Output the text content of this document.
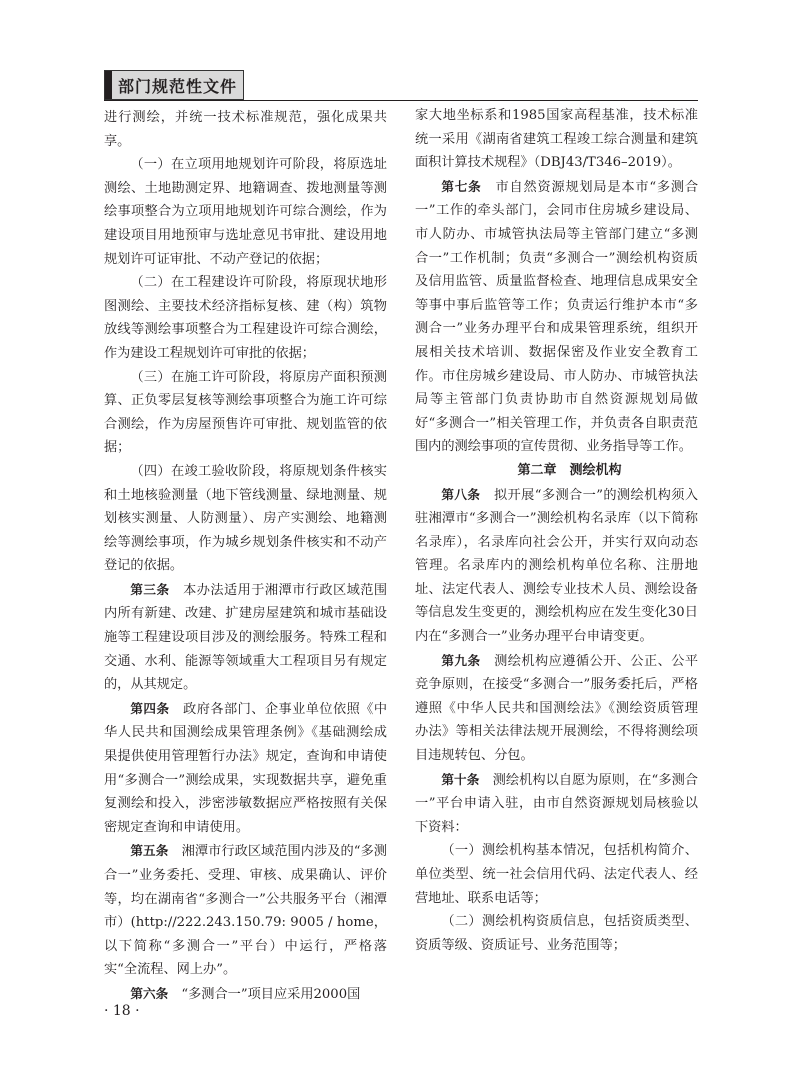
部门规范性文件

进行测绘，并统一技术标准规范，强化成果共享。

（一）在立项用地规划许可阶段，将原选址测绘、土地勘测定界、地籍调查、拨地测量等测绘事项整合为立项用地规划许可综合测绘，作为建设项目用地预审与选址意见书审批、建设用地规划许可证审批、不动产登记的依据；

（二）在工程建设许可阶段，将原现状地形图测绘、主要技术经济指标复核、建（构）筑物放线等测绘事项整合为工程建设许可综合测绘，作为建设工程规划许可审批的依据；

（三）在施工许可阶段，将原房产面积预测算、正负零层复核等测绘事项整合为施工许可综合测绘，作为房屋预售许可审批、规划监管的依据；

（四）在竣工验收阶段，将原规划条件核实和土地核验测量（地下管线测量、绿地测量、规划核实测量、人防测量）、房产实测绘、地籍测绘等测绘事项，作为城乡规划条件核实和不动产登记的依据。

第三条　 本办法适用于湘潭市行政区域范围内所有新建、改建、扩建房屋建筑和城市基础设施等工程建设项目涉及的测绘服务。特殊工程和交通、水利、能源等领域重大工程项目另有规定的，从其规定。

第四条　 政府各部门、企事业单位依照《中华人民共和国测绘成果管理条例》《基础测绘成果提供使用管理暂行办法》规定，查询和申请使用“多测合一”测绘成果，实现数据共享，避免重复测绘和投入，涉密涉敏数据应严格按照有关保密规定查询和申请使用。

第五条　 湘潭市行政区域范围内涉及的“多测合一”业务委托、受理、审核、成果确认、评价等，均在湖南省“多测合一”公共服务平台（湘潭市）(http://222.243.150.79: 9005 / home，以下简称“多测合一”平台）中运行，严格落实“全流程、网上办”。

第六条　 “多测合一”项目应采用2000国

家大地坐标系和1985国家高程基准，技术标准统一采用《湖南省建筑工程竣工综合测量和建筑面积计算技术规程》（DBJ43/T346–2019）。

第七条　 市自然资源规划局是本市“多测合一”工作的牵头部门，会同市住房城乡建设局、市人防办、市城管执法局等主管部门建立“多测合一”工作机制；负责“多测合一”测绘机构资质及信用监管、质量监督检查、地理信息成果安全等事中事后监管等工作；负责运行维护本市“多测合一”业务办理平台和成果管理系统，组织开展相关技术培训、数据保密及作业安全教育工作。市住房城乡建设局、市人防办、市城管执法局等主管部门负责协助市自然资源规划局做好“多测合一”相关管理工作，并负责各自职责范围内的测绘事项的宣传贯彻、业务指导等工作。

第二章　测绘机构

第八条　 拟开展“多测合一”的测绘机构须入驻湘潭市“多测合一”测绘机构名录库（以下简称名录库），名录库向社会公开，并实行双向动态管理。名录库内的测绘机构单位名称、注册地址、法定代表人、测绘专业技术人员、测绘设备等信息发生变更的，测绘机构应在发生变化30日内在“多测合一”业务办理平台申请变更。

第九条　 测绘机构应遵循公开、公正、公平竞争原则，在接受“多测合一”服务委托后，严格遵照《中华人民共和国测绘法》《测绘资质管理办法》等相关法律法规开展测绘，不得将测绘项目违规转包、分包。

第十条　 测绘机构以自愿为原则，在“多测合一”平台申请入驻，由市自然资源规划局核验以下资料：

（一）测绘机构基本情况，包括机构简介、单位类型、统一社会信用代码、法定代表人、经营地址、联系电话等；

（二）测绘机构资质信息，包括资质类型、资质等级、资质证号、业务范围等；

· 18 ·
